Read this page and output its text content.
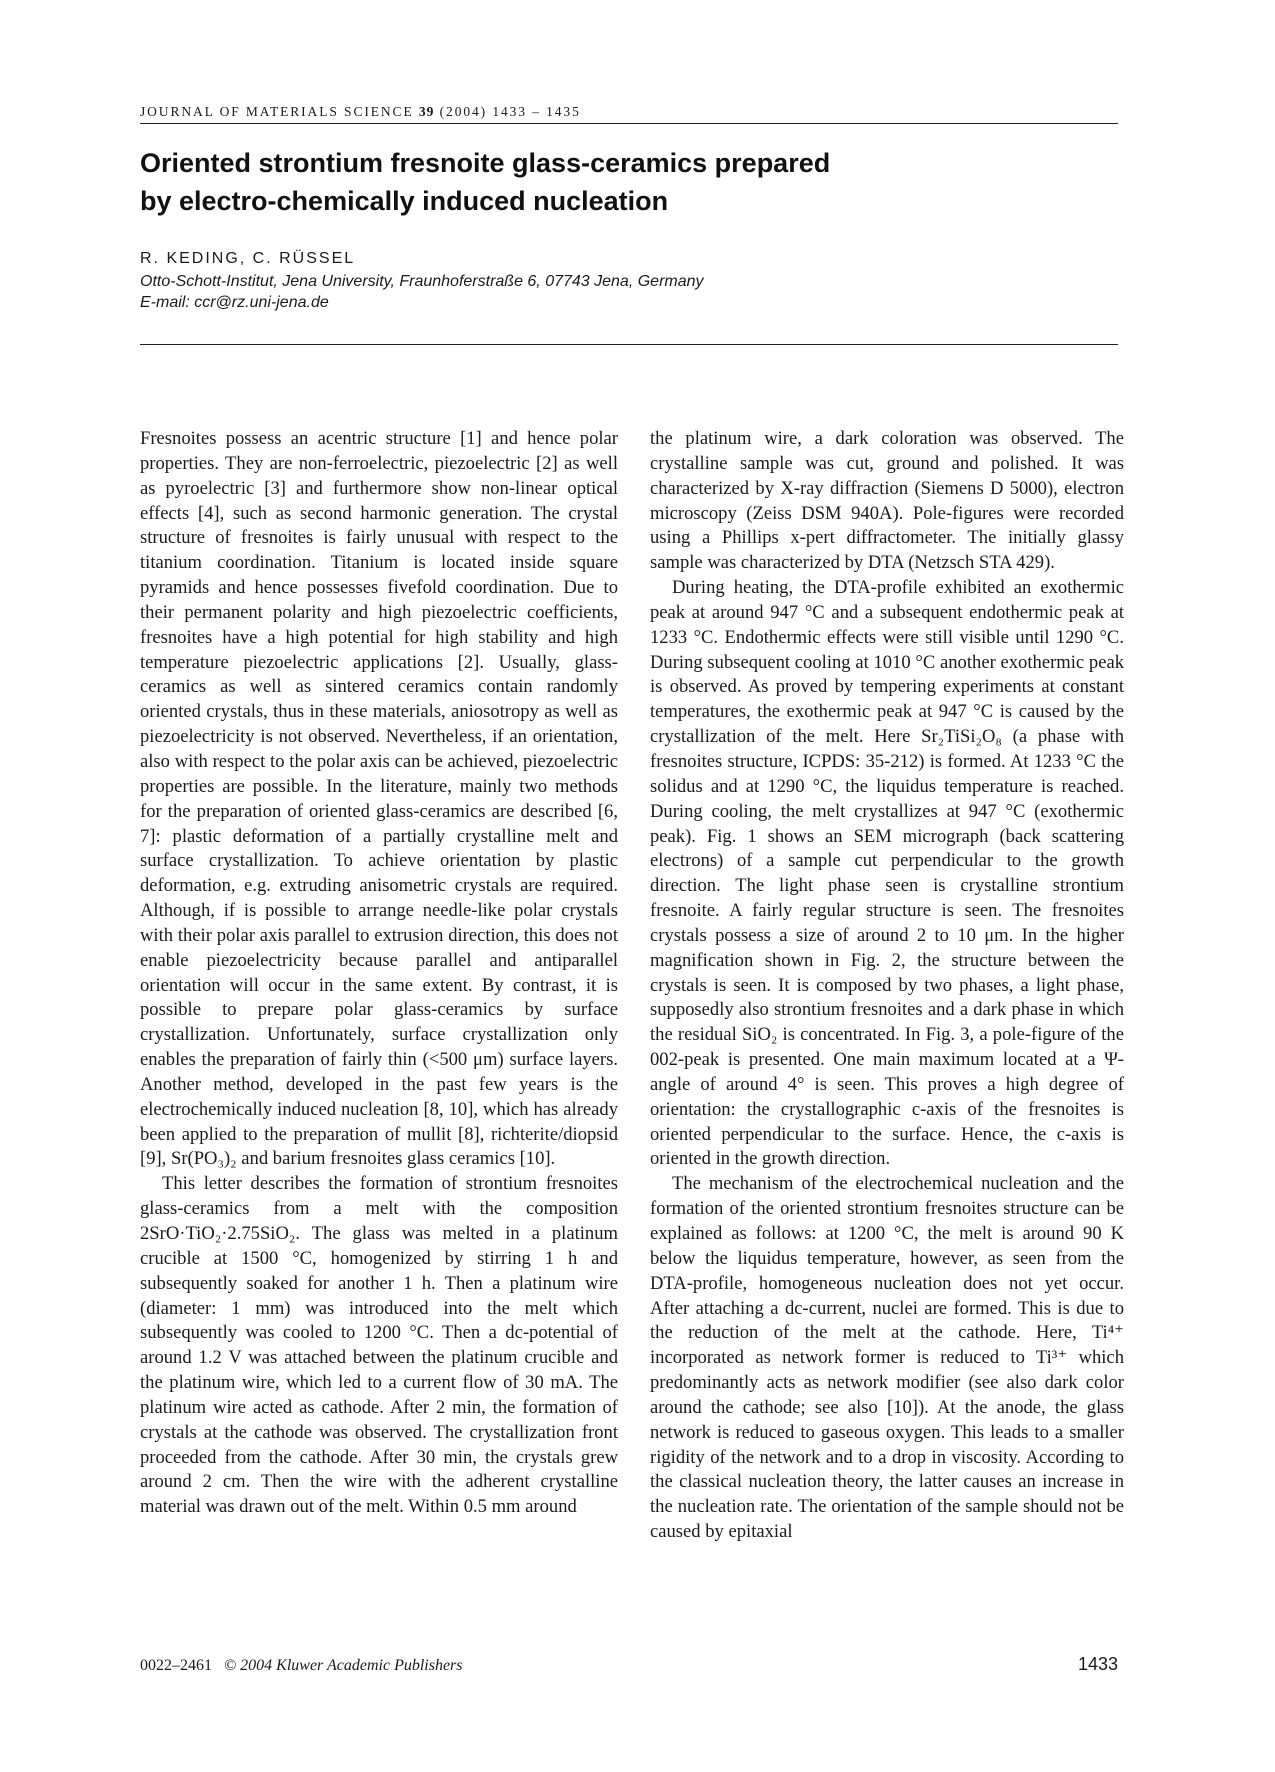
JOURNAL OF MATERIALS SCIENCE 39 (2004) 1433 – 1435
Oriented strontium fresnoite glass-ceramics prepared
by electro-chemically induced nucleation
R. KEDING, C. RÜSSEL
Otto-Schott-Institut, Jena University, Fraunhoferstraße 6, 07743 Jena, Germany
E-mail: ccr@rz.uni-jena.de

Fresnoites possess an acentric structure [1] and hence polar properties. They are non-ferroelectric, piezoelectric [2] as well as pyroelectric [3] and furthermore show non-linear optical effects [4], such as second harmonic generation. The crystal structure of fresnoites is fairly unusual with respect to the titanium coordination. Titanium is located inside square pyramids and hence possesses fivefold coordination. Due to their permanent polarity and high piezoelectric coefficients, fresnoites have a high potential for high stability and high temperature piezoelectric applications [2]. Usually, glass-ceramics as well as sintered ceramics contain randomly oriented crystals, thus in these materials, aniosotropy as well as piezoelectricity is not observed. Nevertheless, if an orientation, also with respect to the polar axis can be achieved, piezoelectric properties are possible. In the literature, mainly two methods for the preparation of oriented glass-ceramics are described [6, 7]: plastic deformation of a partially crystalline melt and surface crystallization. To achieve orientation by plastic deformation, e.g. extruding anisometric crystals are required. Although, if is possible to arrange needle-like polar crystals with their polar axis parallel to extrusion direction, this does not enable piezoelectricity because parallel and antiparallel orientation will occur in the same extent. By contrast, it is possible to prepare polar glass-ceramics by surface crystallization. Unfortunately, surface crystallization only enables the preparation of fairly thin (<500 μm) surface layers. Another method, developed in the past few years is the electrochemically induced nucleation [8, 10], which has already been applied to the preparation of mullit [8], richterite/diopsid [9], Sr(PO₃)₂ and barium fresnoites glass ceramics [10].

This letter describes the formation of strontium fresnoites glass-ceramics from a melt with the composition 2SrO·TiO₂·2.75SiO₂. The glass was melted in a platinum crucible at 1500 °C, homogenized by stirring 1 h and subsequently soaked for another 1 h. Then a platinum wire (diameter: 1 mm) was introduced into the melt which subsequently was cooled to 1200 °C. Then a dc-potential of around 1.2 V was attached between the platinum crucible and the platinum wire, which led to a current flow of 30 mA. The platinum wire acted as cathode. After 2 min, the formation of crystals at the cathode was observed. The crystallization front proceeded from the cathode. After 30 min, the crystals grew around 2 cm. Then the wire with the adherent crystalline material was drawn out of the melt. Within 0.5 mm around

the platinum wire, a dark coloration was observed. The crystalline sample was cut, ground and polished. It was characterized by X-ray diffraction (Siemens D 5000), electron microscopy (Zeiss DSM 940A). Pole-figures were recorded using a Phillips x-pert diffractometer. The initially glassy sample was characterized by DTA (Netzsch STA 429).

During heating, the DTA-profile exhibited an exothermic peak at around 947 °C and a subsequent endothermic peak at 1233 °C. Endothermic effects were still visible until 1290 °C. During subsequent cooling at 1010 °C another exothermic peak is observed. As proved by tempering experiments at constant temperatures, the exothermic peak at 947 °C is caused by the crystallization of the melt. Here Sr₂TiSi₂O₈ (a phase with fresnoites structure, ICPDS: 35-212) is formed. At 1233 °C the solidus and at 1290 °C, the liquidus temperature is reached. During cooling, the melt crystallizes at 947 °C (exothermic peak). Fig. 1 shows an SEM micrograph (back scattering electrons) of a sample cut perpendicular to the growth direction. The light phase seen is crystalline strontium fresnoite. A fairly regular structure is seen. The fresnoites crystals possess a size of around 2 to 10 μm. In the higher magnification shown in Fig. 2, the structure between the crystals is seen. It is composed by two phases, a light phase, supposedly also strontium fresnoites and a dark phase in which the residual SiO₂ is concentrated. In Fig. 3, a pole-figure of the 002-peak is presented. One main maximum located at a Ψ-angle of around 4° is seen. This proves a high degree of orientation: the crystallographic c-axis of the fresnoites is oriented perpendicular to the surface. Hence, the c-axis is oriented in the growth direction.

The mechanism of the electrochemical nucleation and the formation of the oriented strontium fresnoites structure can be explained as follows: at 1200 °C, the melt is around 90 K below the liquidus temperature, however, as seen from the DTA-profile, homogeneous nucleation does not yet occur. After attaching a dc-current, nuclei are formed. This is due to the reduction of the melt at the cathode. Here, Ti⁴⁺ incorporated as network former is reduced to Ti³⁺ which predominantly acts as network modifier (see also dark color around the cathode; see also [10]). At the anode, the glass network is reduced to gaseous oxygen. This leads to a smaller rigidity of the network and to a drop in viscosity. According to the classical nucleation theory, the latter causes an increase in the nucleation rate. The orientation of the sample should not be caused by epitaxial

0022–2461 © 2004 Kluwer Academic Publishers	1433
